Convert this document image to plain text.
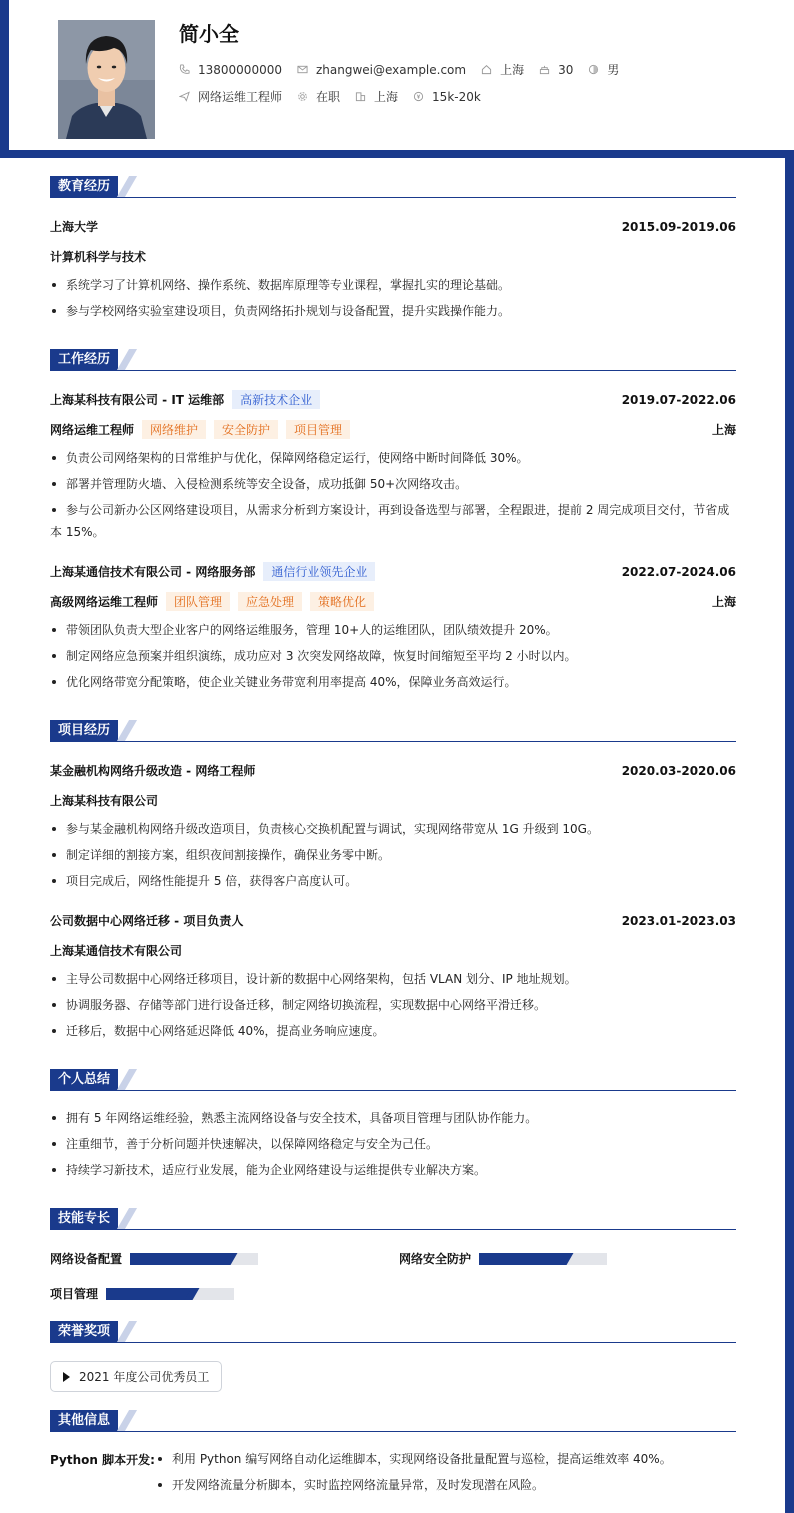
简小全
13800000000	zhangwei@example.com	上海	30	男
网络运维工程师	在职	上海	15k-20k
教育经历
上海大学	2015.09-2019.06
计算机科学与技术
系统学习了计算机网络、操作系统、数据库原理等专业课程，掌握扎实的理论基础。
参与学校网络实验室建设项目，负责网络拓扑规划与设备配置，提升实践操作能力。
工作经历
上海某科技有限公司 - IT 运维部	高新技术企业	2019.07-2022.06
网络运维工程师	网络维护	安全防护	项目管理	上海
负责公司网络架构的日常维护与优化，保障网络稳定运行，使网络中断时间降低 30%。
部署并管理防火墙、入侵检测系统等安全设备，成功抵御 50+次网络攻击。
参与公司新办公区网络建设项目，从需求分析到方案设计，再到设备选型与部署，全程跟进，提前 2 周完成项目交付，节省成
本 15%。
上海某通信技术有限公司 - 网络服务部	通信行业领先企业	2022.07-2024.06
高级网络运维工程师	团队管理	应急处理	策略优化	上海
带领团队负责大型企业客户的网络运维服务，管理 10+人的运维团队，团队绩效提升 20%。
制定网络应急预案并组织演练，成功应对 3 次突发网络故障，恢复时间缩短至平均 2 小时以内。
优化网络带宽分配策略，使企业关键业务带宽利用率提高 40%，保障业务高效运行。
项目经历
某金融机构网络升级改造 - 网络工程师	2020.03-2020.06
上海某科技有限公司
参与某金融机构网络升级改造项目，负责核心交换机配置与调试，实现网络带宽从 1G 升级到 10G。
制定详细的割接方案，组织夜间割接操作，确保业务零中断。
项目完成后，网络性能提升 5 倍，获得客户高度认可。
公司数据中心网络迁移 - 项目负责人	2023.01-2023.03
上海某通信技术有限公司
主导公司数据中心网络迁移项目，设计新的数据中心网络架构，包括 VLAN 划分、IP 地址规划。
协调服务器、存储等部门进行设备迁移，制定网络切换流程，实现数据中心网络平滑迁移。
迁移后，数据中心网络延迟降低 40%，提高业务响应速度。
个人总结
拥有 5 年网络运维经验，熟悉主流网络设备与安全技术，具备项目管理与团队协作能力。
注重细节，善于分析问题并快速解决，以保障网络稳定与安全为己任。
持续学习新技术，适应行业发展，能为企业网络建设与运维提供专业解决方案。
技能专长
网络设备配置	网络安全防护
项目管理
荣誉奖项
2021 年度公司优秀员工
其他信息
Python 脚本开发:	利用 Python 编写网络自动化运维脚本，实现网络设备批量配置与巡检，提高运维效率 40%。
开发网络流量分析脚本，实时监控网络流量异常，及时发现潜在风险。
